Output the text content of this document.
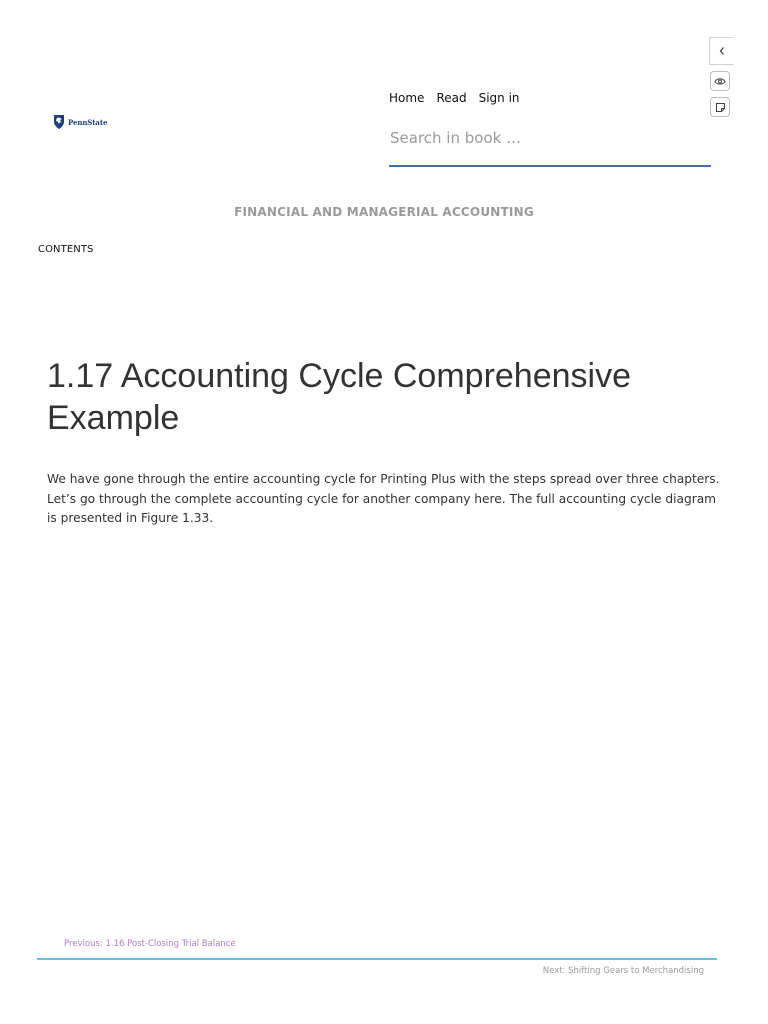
PennState
Home Read Sign in
Search in book …
FINANCIAL AND MANAGERIAL ACCOUNTING
CONTENTS
1.17 Accounting Cycle Comprehensive Example

We have gone through the entire accounting cycle for Printing Plus with the steps spread over three chapters. Let’s go through the complete accounting cycle for another company here. The full accounting cycle diagram is presented in Figure 1.33.

Previous: 1.16 Post-Closing Trial Balance
Next: Shifting Gears to Merchandising
